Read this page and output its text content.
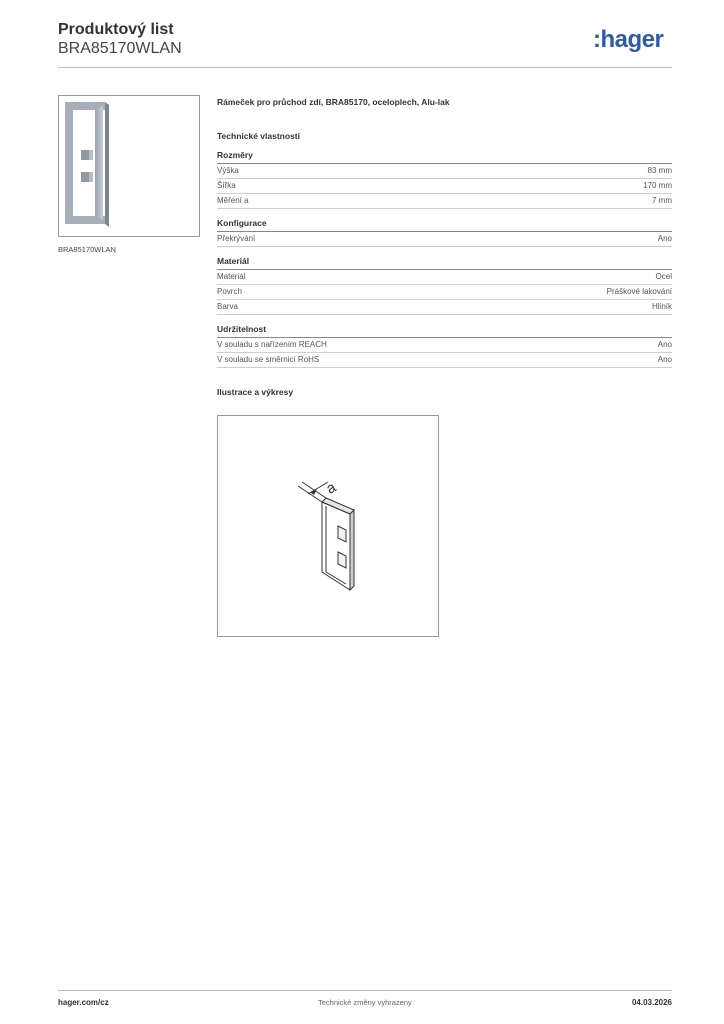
Produktový list
BRA85170WLAN	:hager
BRA85170WLAN
Rámeček pro průchod zdí, BRA85170, oceloplech, Alu-lak
Technické vlastnosti
Rozměry
Výška	83 mm
Šířka	170 mm
Měření a	7 mm
Konfigurace
Překrývání	Ano
Materiál
Materiál	Ocel
Povrch	Práškové lakování
Barva	Hliník
Udržitelnost
V souladu s nařízením REACH	Ano
V souladu se směrnicí RoHS	Ano
Ilustrace a výkresy
a
hager.com/cz	Technické změny vyhrazeny	04.03.2026
